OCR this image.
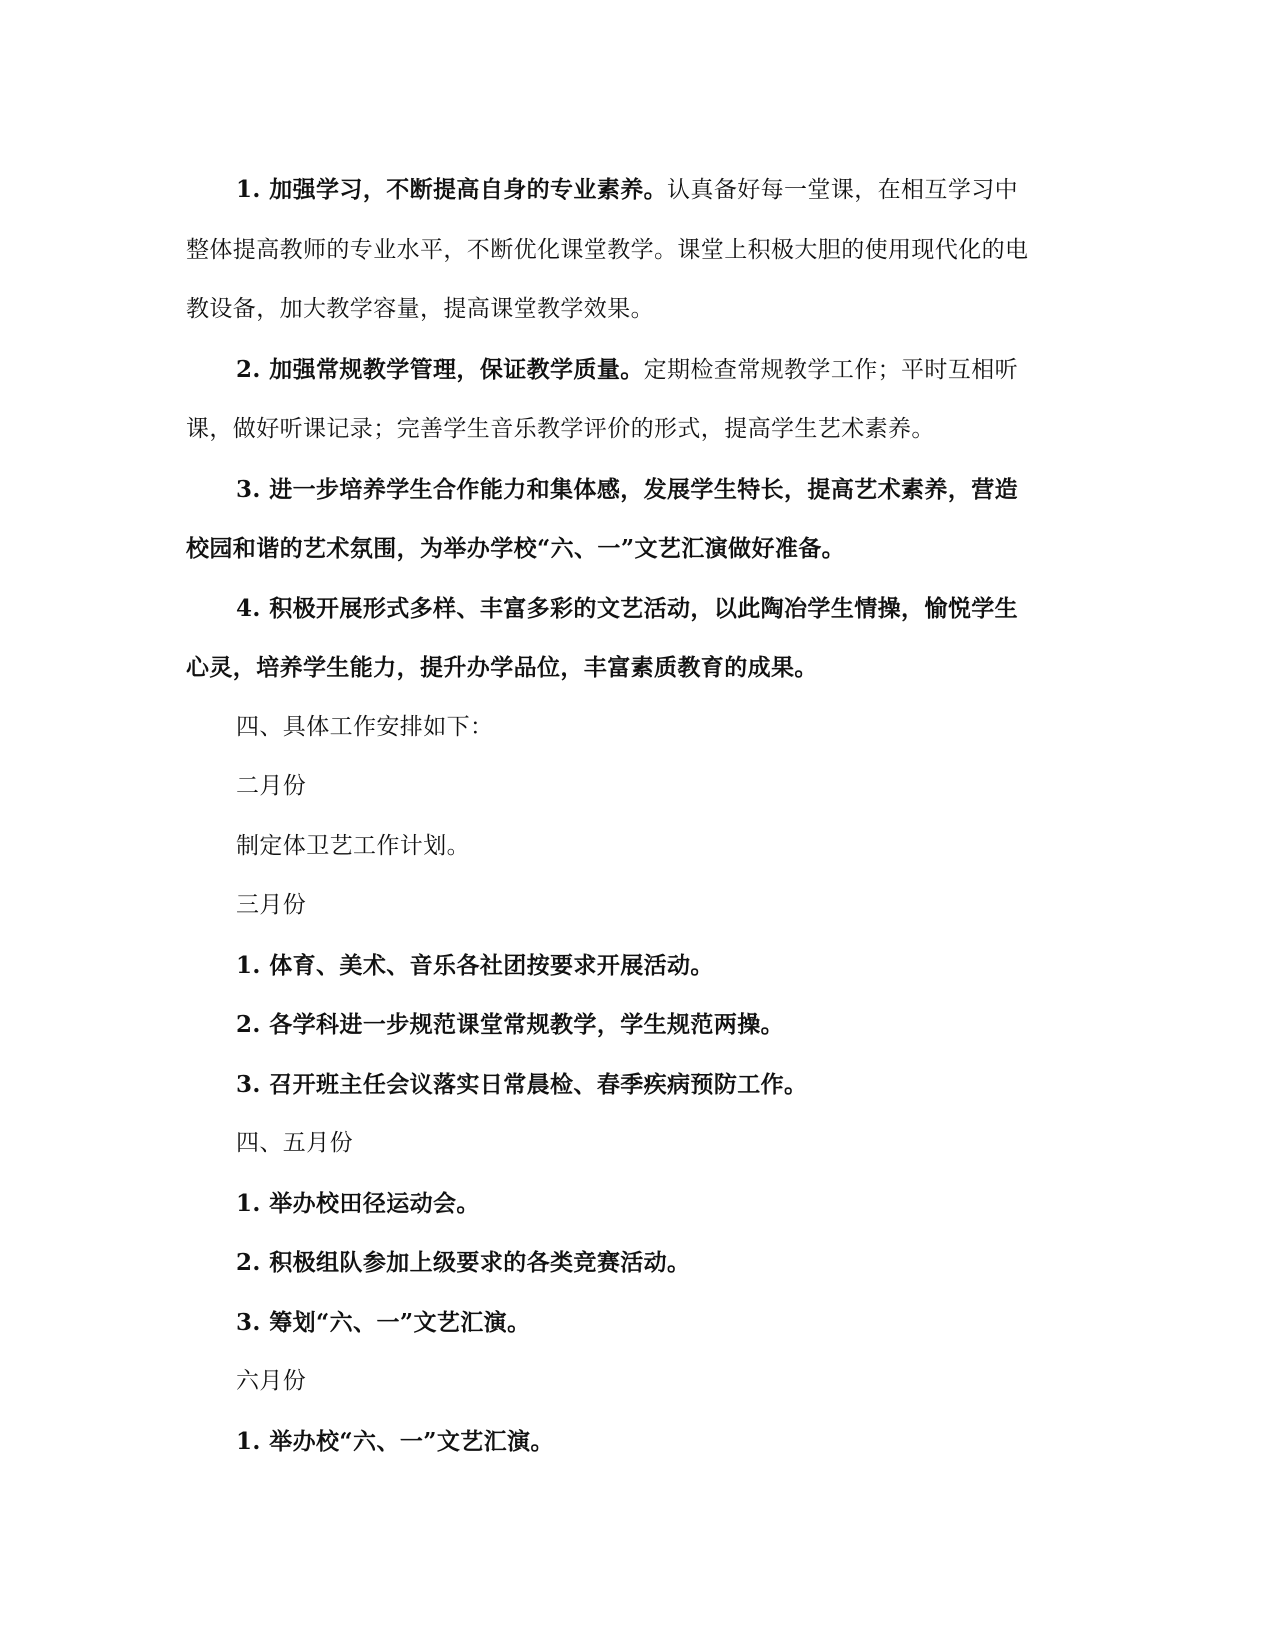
1. 加强学习，不断提高自身的专业素养。认真备好每一堂课，在相互学习中

整体提高教师的专业水平，不断优化课堂教学。课堂上积极大胆的使用现代化的电

教设备，加大教学容量，提高课堂教学效果。

2. 加强常规教学管理，保证教学质量。定期检查常规教学工作；平时互相听

课，做好听课记录；完善学生音乐教学评价的形式，提高学生艺术素养。

3. 进一步培养学生合作能力和集体感，发展学生特长，提高艺术素养，营造

校园和谐的艺术氛围，为举办学校“六、一”文艺汇演做好准备。

4. 积极开展形式多样、丰富多彩的文艺活动，以此陶冶学生情操，愉悦学生

心灵，培养学生能力，提升办学品位，丰富素质教育的成果。

四、具体工作安排如下：

二月份

制定体卫艺工作计划。

三月份

1. 体育、美术、音乐各社团按要求开展活动。

2. 各学科进一步规范课堂常规教学，学生规范两操。

3. 召开班主任会议落实日常晨检、春季疾病预防工作。

四、五月份

1. 举办校田径运动会。

2. 积极组队参加上级要求的各类竞赛活动。

3. 筹划“六、一”文艺汇演。

六月份

1. 举办校“六、一”文艺汇演。
